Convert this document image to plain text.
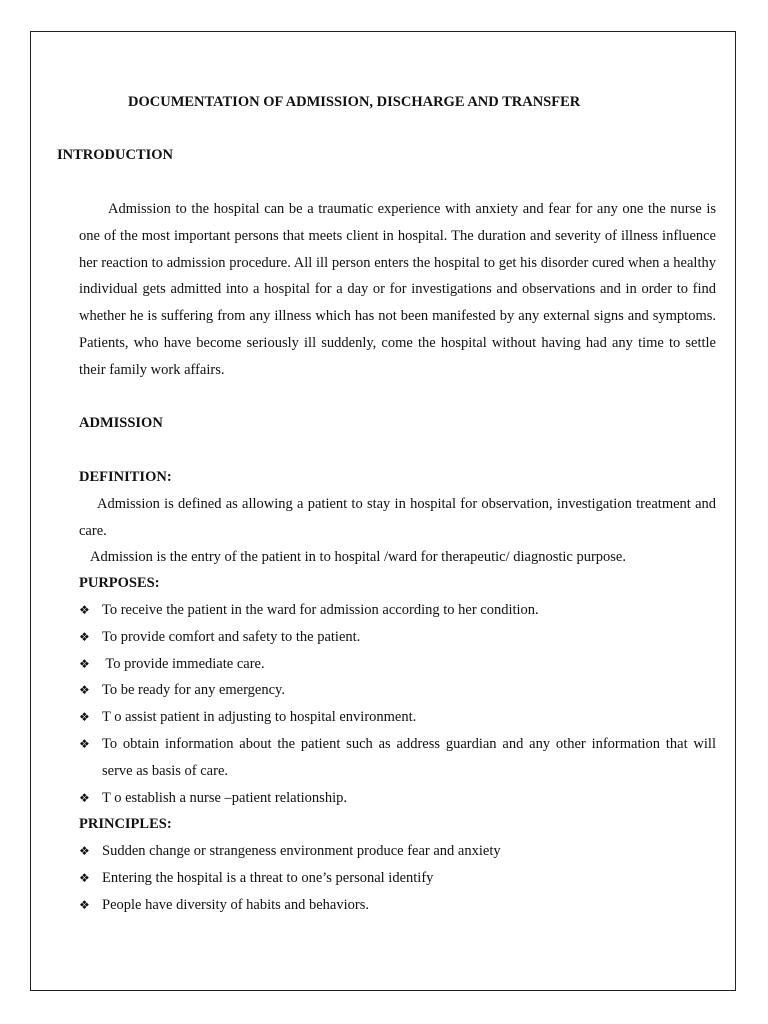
DOCUMENTATION OF ADMISSION, DISCHARGE AND TRANSFER
INTRODUCTION

Admission to the hospital can be a traumatic experience with anxiety and fear for any one the nurse is one of the most important persons that meets client in hospital. The duration and severity of illness influence her reaction to admission procedure. All ill person enters the hospital to get his disorder cured when a healthy individual gets admitted into a hospital for a day or for investigations and observations and in order to find whether he is suffering from any illness which has not been manifested by any external signs and symptoms. Patients, who have become seriously ill suddenly, come the hospital without having had any time to settle their family work affairs.

ADMISSION
DEFINITION:

Admission is defined as allowing a patient to stay in hospital for observation, investigation treatment and care.

Admission is the entry of the patient in to hospital /ward for therapeutic/ diagnostic purpose.

PURPOSES:
❖ To receive the patient in the ward for admission according to her condition.
❖ To provide comfort and safety to the patient.
❖ To provide immediate care.
❖ To be ready for any emergency.
❖ T o assist patient in adjusting to hospital environment.
❖ To obtain information about the patient such as address guardian and any other information that will serve as basis of care.
❖ T o establish a nurse –patient relationship.
PRINCIPLES:
❖ Sudden change or strangeness environment produce fear and anxiety
❖ Entering the hospital is a threat to one’s personal identify
❖ People have diversity of habits and behaviors.
